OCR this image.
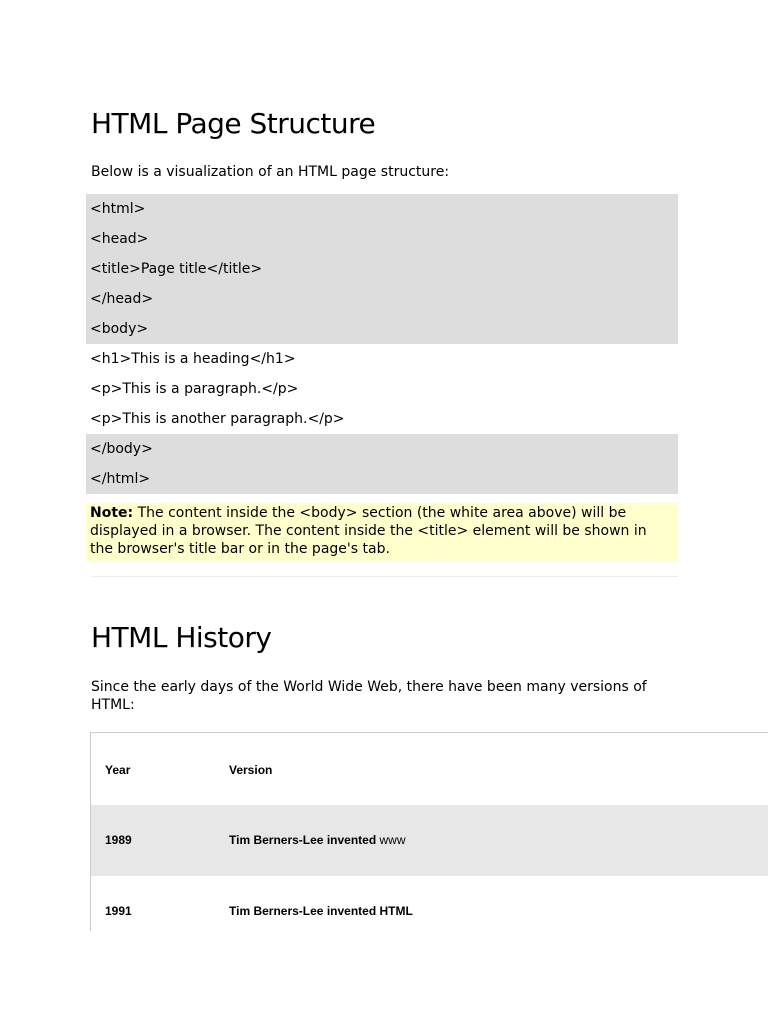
HTML Page Structure

Below is a visualization of an HTML page structure:

<html>
<head>
<title>Page title</title>
</head>
<body>
<h1>This is a heading</h1>
<p>This is a paragraph.</p>
<p>This is another paragraph.</p>
</body>
</html>
Note: The content inside the <body> section (the white area above) will be displayed in a browser. The content inside the <title> element will be shown in the browser's title bar or in the page's tab.
HTML History

Since the early days of the World Wide Web, there have been many versions of HTML:

Year	Version
1989	Tim Berners-Lee invented www
1991	Tim Berners-Lee invented HTML
